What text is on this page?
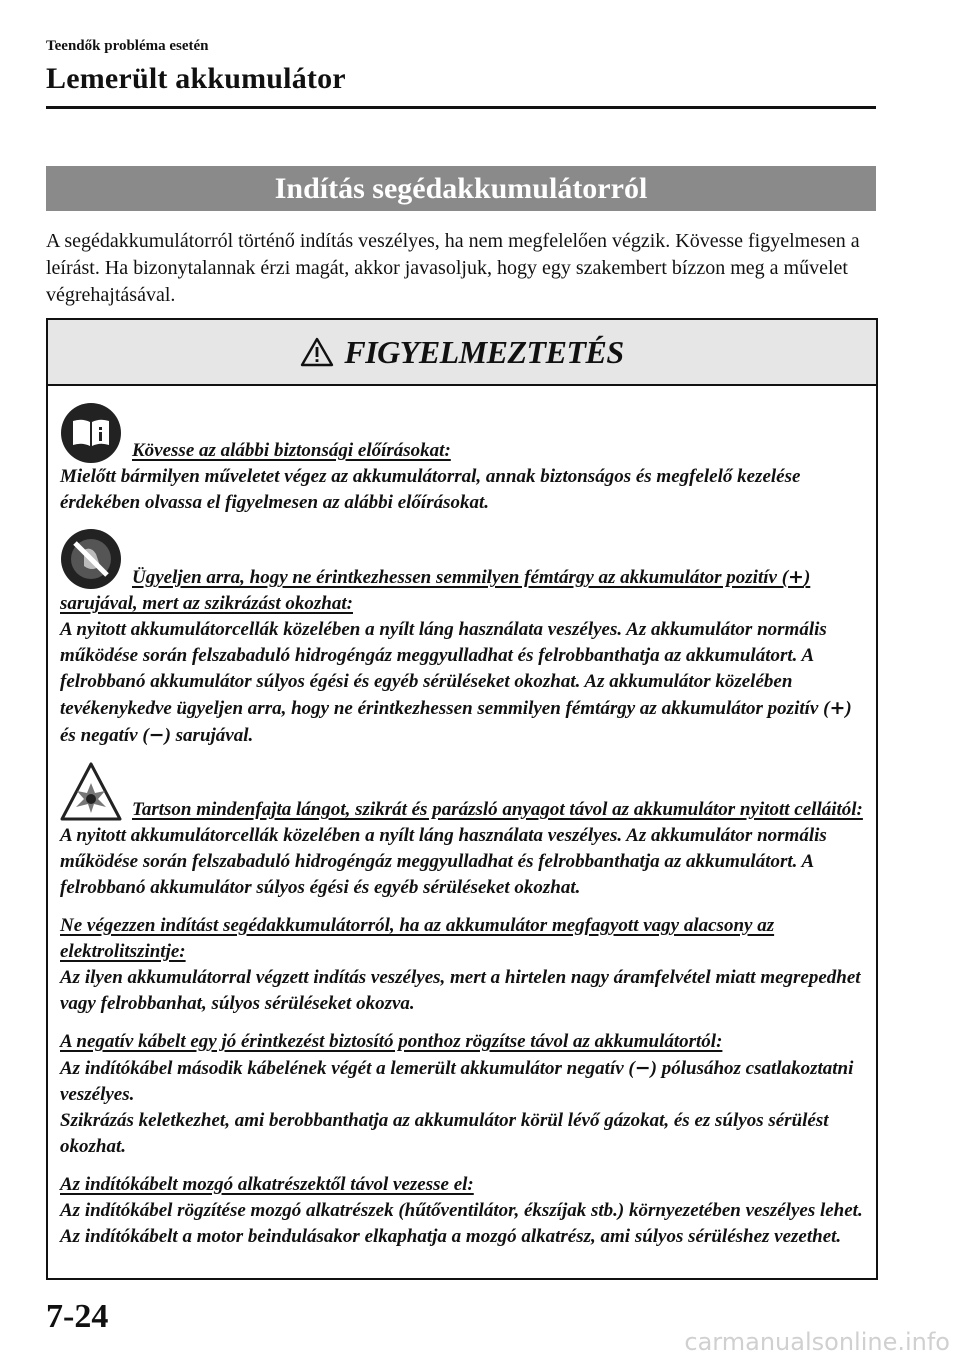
Teendők probléma esetén
Lemerült akkumulátor
Indítás segédakkumulátorról
A segédakkumulátorról történő indítás veszélyes, ha nem megfelelően végzik. Kövesse figyelmesen a leírást. Ha bizonytalannak érzi magát, akkor javasoljuk, hogy egy szakembert bízzon meg a művelet végrehajtásával.
FIGYELMEZTETÉS
Kövesse az alábbi biztonsági előírásokat:
Mielőtt bármilyen műveletet végez az akkumulátorral, annak biztonságos és megfelelő kezelése érdekében olvassa el figyelmesen az alábbi előírásokat.
Ügyeljen arra, hogy ne érintkezhessen semmilyen fémtárgy az akkumulátor pozitív (+) sarujával, mert az szikrázást okozhat:
A nyitott akkumulátorcellák közelében a nyílt láng használata veszélyes. Az akkumulátor normális működése során felszabaduló hidrogéngáz meggyulladhat és felrobbanthatja az akkumulátort. A felrobbanó akkumulátor súlyos égési és egyéb sérüléseket okozhat. Az akkumulátor közelében tevékenykedve ügyeljen arra, hogy ne érintkezhessen semmilyen fémtárgy az akkumulátor pozitív (+) és negatív (−) sarujával.
Tartson mindenfajta lángot, szikrát és parázsló anyagot távol az akkumulátor nyitott celláitól:
A nyitott akkumulátorcellák közelében a nyílt láng használata veszélyes. Az akkumulátor normális működése során felszabaduló hidrogéngáz meggyulladhat és felrobbanthatja az akkumulátort. A felrobbanó akkumulátor súlyos égési és egyéb sérüléseket okozhat.
Ne végezzen indítást segédakkumulátorról, ha az akkumulátor megfagyott vagy alacsony az elektrolitszintje:
Az ilyen akkumulátorral végzett indítás veszélyes, mert a hirtelen nagy áramfelvétel miatt megrepedhet vagy felrobbanhat, súlyos sérüléseket okozva.
A negatív kábelt egy jó érintkezést biztosító ponthoz rögzítse távol az akkumulátortól:
Az indítókábel második kábelének végét a lemerült akkumulátor negatív (−) pólusához csatlakoztatni veszélyes.
Szikrázás keletkezhet, ami berobbanthatja az akkumulátor körül lévő gázokat, és ez súlyos sérülést okozhat.
Az indítókábelt mozgó alkatrészektől távol vezesse el:
Az indítókábel rögzítése mozgó alkatrészek (hűtőventilátor, ékszíjak stb.) környezetében veszélyes lehet. Az indítókábelt a motor beindulásakor elkaphatja a mozgó alkatrész, ami súlyos sérüléshez vezethet.
7-24
carmanualsonline.info
